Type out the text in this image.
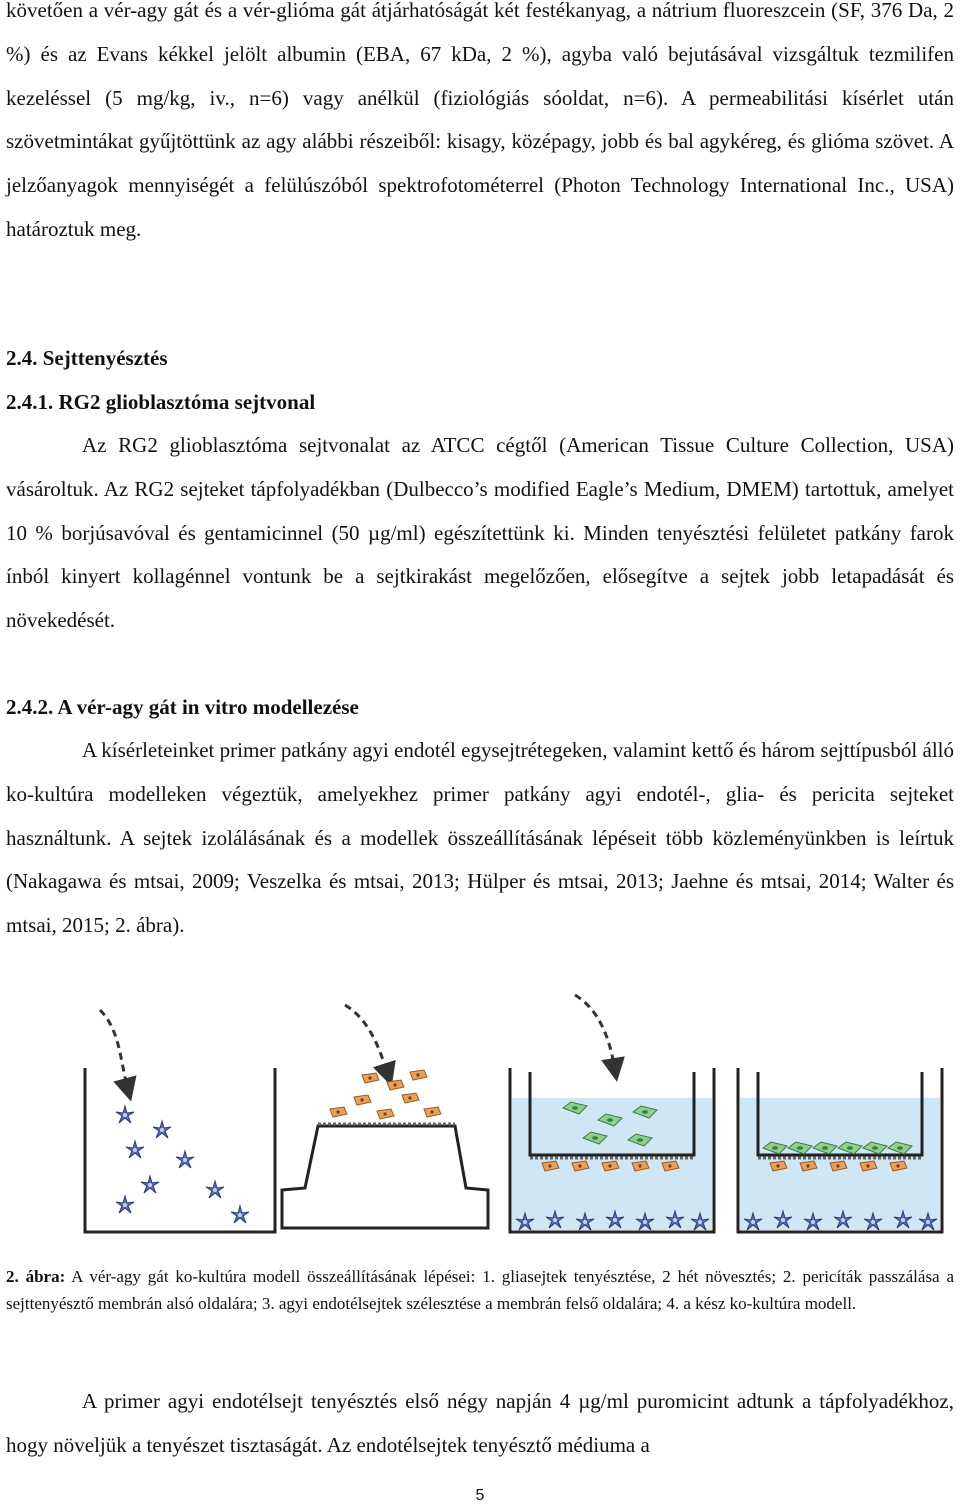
követően a vér-agy gát és a vér-glióma gát átjárhatóságát két festékanyag, a nátrium fluoreszcein (SF, 376 Da, 2 %) és az Evans kékkel jelölt albumin (EBA, 67 kDa, 2 %), agyba való bejutásával vizsgáltuk tezmilifen kezeléssel (5 mg/kg, iv., n=6) vagy anélkül (fiziológiás sóoldat, n=6). A permeabilitási kísérlet után szövetmintákat gyűjtöttünk az agy alábbi részeiből: kisagy, középagy, jobb és bal agykéreg, és glióma szövet. A jelzőanyagok mennyiségét a felülúszóból spektrofotométerrel (Photon Technology International Inc., USA) határoztuk meg.
2.4. Sejttenyésztés
2.4.1. RG2 glioblasztóma sejtvonal
Az RG2 glioblasztóma sejtvonalat az ATCC cégtől (American Tissue Culture Collection, USA) vásároltuk. Az RG2 sejteket tápfolyadékban (Dulbecco’s modified Eagle’s Medium, DMEM) tartottuk, amelyet 10 % borjúsavóval és gentamicinnel (50 µg/ml) egészítettünk ki. Minden tenyésztési felületet patkány farok ínból kinyert kollagénnel vontunk be a sejtkirakást megelőzően, elősegítve a sejtek jobb letapadását és növekedését.
2.4.2. A vér-agy gát in vitro modellezése
A kísérleteinket primer patkány agyi endotél egysejtrétegeken, valamint kettő és három sejttípusból álló ko-kultúra modelleken végeztük, amelyekhez primer patkány agyi endotél-, glia- és pericita sejteket használtunk. A sejtek izolálásának és a modellek összeállításának lépéseit több közleményünkben is leírtuk (Nakagawa és mtsai, 2009; Veszelka és mtsai, 2013; Hülper és mtsai, 2013; Jaehne és mtsai, 2014; Walter és mtsai, 2015; 2. ábra).
2. ábra: A vér-agy gát ko-kultúra modell összeállításának lépései: 1. gliasejtek tenyésztése, 2 hét növesztés; 2. pericíták passzálása a sejttenyésztő membrán alsó oldalára; 3. agyi endotélsejtek szélesztése a membrán felső oldalára; 4. a kész ko-kultúra modell.
A primer agyi endotélsejt tenyésztés első négy napján 4 µg/ml puromicint adtunk a tápfolyadékhoz, hogy növeljük a tenyészet tisztaságát. Az endotélsejtek tenyésztő médiuma a
5
